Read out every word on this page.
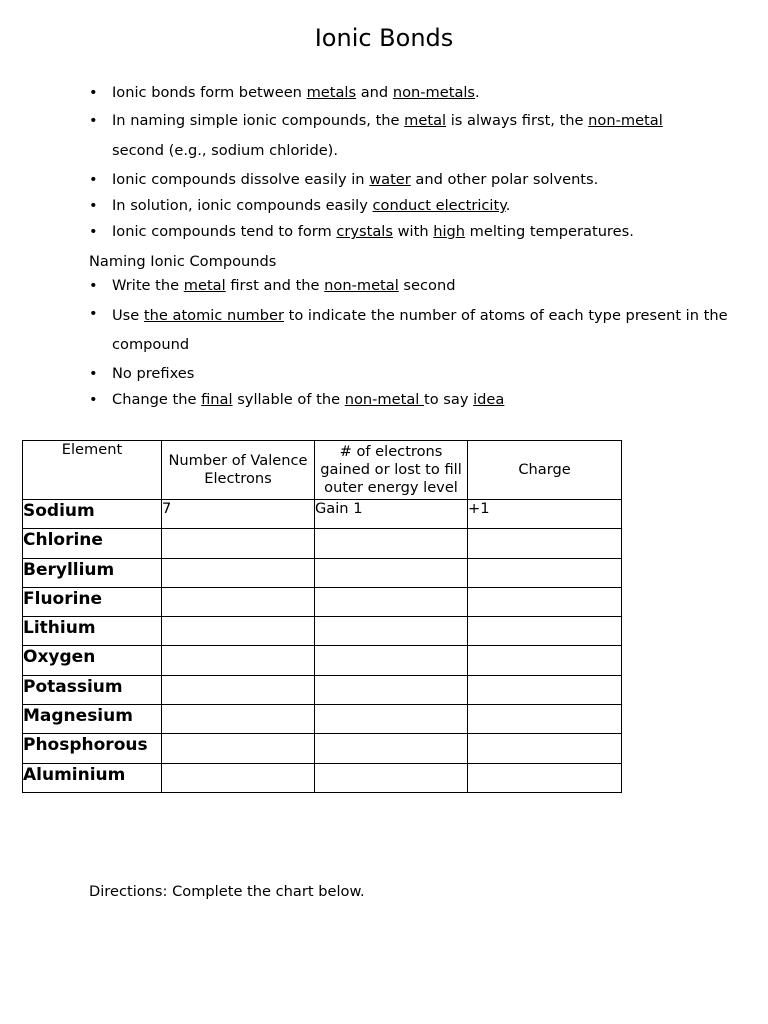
Ionic Bonds
• Ionic bonds form between metals and non-metals.
• In naming simple ionic compounds, the metal is always first, the non-metal
second (e.g., sodium chloride).
• Ionic compounds dissolve easily in water and other polar solvents.
• In solution, ionic compounds easily conduct electricity.
• Ionic compounds tend to form crystals with high melting temperatures.
Naming Ionic Compounds
• Write the metal first and the non-metal second
• Use the atomic number to indicate the number of atoms of each type present in the compound
• No prefixes
• Change the final syllable of the non-metal to say idea
Element	Number of Valence Electrons	# of electrons gained or lost to fill outer energy level	Charge
Sodium	7	Gain 1	+1
Chlorine			
Beryllium			
Fluorine			
Lithium			
Oxygen			
Potassium			
Magnesium			
Phosphorous			
Aluminium			
Directions: Complete the chart below.
